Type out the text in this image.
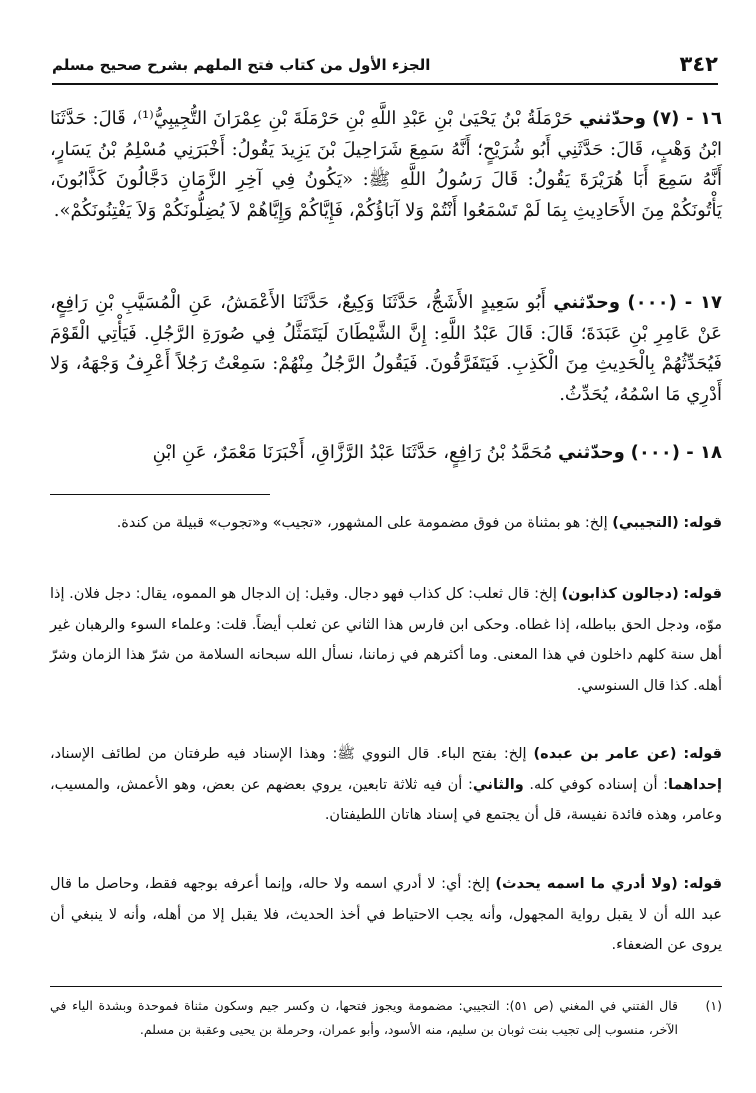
٣٤٢
الجزء الأول من كتاب فتح الملهم بشرح صحيح مسلم
١٦ - (٧) وحدّثني حَرْمَلَةُ بْنُ يَحْيَىٰ بْنِ عَبْدِ اللَّهِ بْنِ حَرْمَلَةَ بْنِ عِمْرَانَ التُّجِيبِيُّ⁽¹⁾، قَالَ: حَدَّثَنَا ابْنُ وَهْبٍ، قَالَ: حَدَّثَنِي أَبُو شُرَيْحٍ؛ أَنَّهُ سَمِعَ شَرَاحِيلَ بْنَ يَزِيدَ يَقُولُ: أَخْبَرَنِي مُسْلِمُ بْنُ يَسَارٍ، أَنَّهُ سَمِعَ أَبَا هُرَيْرَةَ يَقُولُ: قَالَ رَسُولُ اللَّهِ ﷺ: «يَكُونُ فِي آخِرِ الزَّمَانِ دَجَّالُونَ كَذَّابُونَ، يَأْتُونَكُمْ مِنَ الأَحَادِيثِ بِمَا لَمْ تَسْمَعُوا أَنْتُمْ وَلا آبَاؤُكُمْ، فَإِيَّاكُمْ وَإِيَّاهُمْ لاَ يُضِلُّونَكُمْ وَلاَ يَفْتِنُونَكُمْ».
١٧ - (٠٠٠) وحدّثني أَبُو سَعِيدٍ الأَشَجُّ، حَدَّثَنَا وَكِيعٌ، حَدَّثَنَا الأَعْمَشُ، عَنِ الْمُسَيَّبِ بْنِ رَافِعٍ، عَنْ عَامِرِ بْنِ عَبَدَةَ؛ قَالَ: قَالَ عَبْدُ اللَّهِ: إِنَّ الشَّيْطَانَ لَيَتَمَثَّلُ فِي صُورَةِ الرَّجُلِ. فَيَأْتِي الْقَوْمَ فَيُحَدِّثُهُمْ بِالْحَدِيثِ مِنَ الْكَذِبِ. فَيَتَفَرَّقُونَ. فَيَقُولُ الرَّجُلُ مِنْهُمْ: سَمِعْتُ رَجُلاً أَعْرِفُ وَجْهَهُ، وَلا أَدْرِي مَا اسْمُهُ، يُحَدِّثُ.
١٨ - (٠٠٠) وحدّثني مُحَمَّدُ بْنُ رَافِعٍ، حَدَّثَنَا عَبْدُ الرَّزَّاقِ، أَخْبَرَنَا مَعْمَرٌ، عَنِ ابْنِ
قوله: (التجيبي) إلخ: هو بمثناة من فوق مضمومة على المشهور، «تجيب» و«تجوب» قبيلة من كندة.
قوله: (دجالون كذابون) إلخ: قال ثعلب: كل كذاب فهو دجال. وقيل: إن الدجال هو المموه، يقال: دجل فلان. إذا موّه، ودجل الحق بباطله، إذا غطاه. وحكى ابن فارس هذا الثاني عن ثعلب أيضاً. قلت: وعلماء السوء والرهبان غير أهل سنة كلهم داخلون في هذا المعنى. وما أكثرهم في زماننا، نسأل الله سبحانه السلامة من شرّ هذا الزمان وشرّ أهله. كذا قال السنوسي.
قوله: (عن عامر بن عبده) إلخ: بفتح الباء. قال النووي ﷺ: وهذا الإسناد فيه طرفتان من لطائف الإسناد، إحداهما: أن إسناده كوفي كله. والثاني: أن فيه ثلاثة تابعين، يروي بعضهم عن بعض، وهو الأعمش، والمسيب، وعامر، وهذه فائدة نفيسة، قل أن يجتمع في إسناد هاتان اللطيفتان.
قوله: (ولا أدري ما اسمه يحدث) إلخ: أي: لا أدري اسمه ولا حاله، وإنما أعرفه بوجهه فقط، وحاصل ما قال عبد الله أن لا يقبل رواية المجهول، وأنه يجب الاحتياط في أخذ الحديث، فلا يقبل إلا من أهله، وأنه لا ينبغي أن يروى عن الضعفاء.
(١)
قال الفتني في المغني (ص ٥١): التجيبي: مضمومة ويجوز فتحها، ن وكسر جيم وسكون مثناة فموحدة وبشدة الياء في الآخر، منسوب إلى تجيب بنت ثوبان بن سليم، منه الأسود، وأبو عمران، وحرملة بن يحيى وعقبة بن مسلم.
